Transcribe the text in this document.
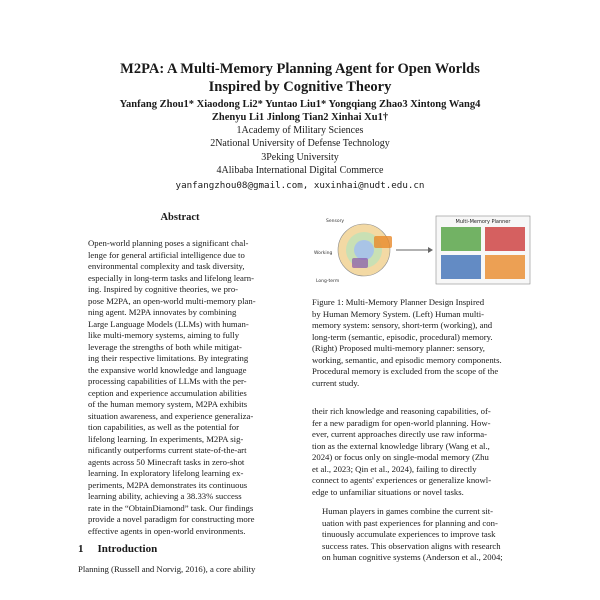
M2PA: A Multi-Memory Planning Agent for Open Worlds
Inspired by Cognitive Theory
Yanfang Zhou1* Xiaodong Li2* Yuntao Liu1* Yongqiang Zhao3 Xintong Wang4
Zhenyu Li1 Jinlong Tian2 Xinhai Xu1†
1Academy of Military Sciences
2National University of Defense Technology
3Peking University
4Alibaba International Digital Commerce
yanfangzhou08@gmail.com, xuxinhai@nudt.edu.cn
Abstract
Open-world planning poses a significant chal-
lenge for general artificial intelligence due to
environmental complexity and task diversity,
especially in long-term tasks and lifelong learn-
ing. Inspired by cognitive theories, we pro-
pose M2PA, an open-world multi-memory plan-
ning agent. M2PA innovates by combining
Large Language Models (LLMs) with human-
like multi-memory systems, aiming to fully
leverage the strengths of both while mitigat-
ing their respective limitations. By integrating
the expansive world knowledge and language
processing capabilities of LLMs with the per-
ception and experience accumulation abilities
of the human memory system, M2PA exhibits
situation awareness, and experience generaliza-
tion capabilities, as well as the potential for
lifelong learning. In experiments, M2PA sig-
nificantly outperforms current state-of-the-art
agents across 50 Minecraft tasks in zero-shot
learning. In exploratory lifelong learning ex-
periments, M2PA demonstrates its continuous
learning ability, achieving a 38.33% success
rate in the “ObtainDiamond” task. Our findings
provide a novel paradigm for constructing more
effective agents in open-world environments.
1 Introduction
Planning (Russell and Norvig, 2016), a core ability
Sensory
Working
Long-term
Multi-Memory Planner
Figure 1: Multi-Memory Planner Design Inspired
by Human Memory System. (Left) Human multi-
memory system: sensory, short-term (working), and
long-term (semantic, episodic, procedural) memory.
(Right) Proposed multi-memory planner: sensory,
working, semantic, and episodic memory components.
Procedural memory is excluded from the scope of the
current study.
their rich knowledge and reasoning capabilities, of-
fer a new paradigm for open-world planning. How-
ever, current approaches directly use raw informa-
tion as the external knowledge library (Wang et al.,
2024) or focus only on single-modal memory (Zhu
et al., 2023; Qin et al., 2024), failing to directly
connect to agents' experiences or generalize knowl-
edge to unfamiliar situations or novel tasks.
Human players in games combine the current sit-
uation with past experiences for planning and con-
tinuously accumulate experiences to improve task
success rates. This observation aligns with research
on human cognitive systems (Anderson et al., 2004;
